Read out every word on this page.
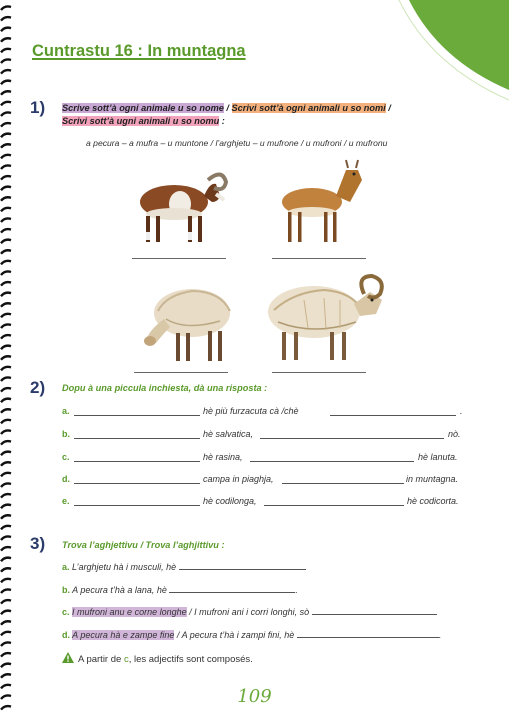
Cuntrastu 16 : In muntagna
1) Scrive sott’à ogni animale u so nome / Scrivi sott’à ogni animali u so nomi /
Scrivi sott’à ugni animali u so nomu :
a pecura – a mufra – u muntone / l’arghjetu – u mufrone / u mufroni / u mufronu
2) Dopu à una piccula inchiesta, dà una risposta :
a.	hè più furzacuta cà /chè	.
b.	hè salvatica,	nò.
c.	hè rasina,	hè lanuta.
d.	campa in piaghja,	in muntagna.
e.	hè codilonga,	hè codicorta.
3) Trova l’aghjettivu / Trova l’aghjittivu :
a. L’arghjetu hà i musculi, hè	.
b. A pecura t’hà a lana, hè	.
c. I mufroni anu e corne longhe / I mufroni ani i corri longhi, sò	.
d. A pecura hà e zampe fine / A pecura t’hà i zampi fini, hè	.
A partir de c, les adjectifs sont composés.
109
